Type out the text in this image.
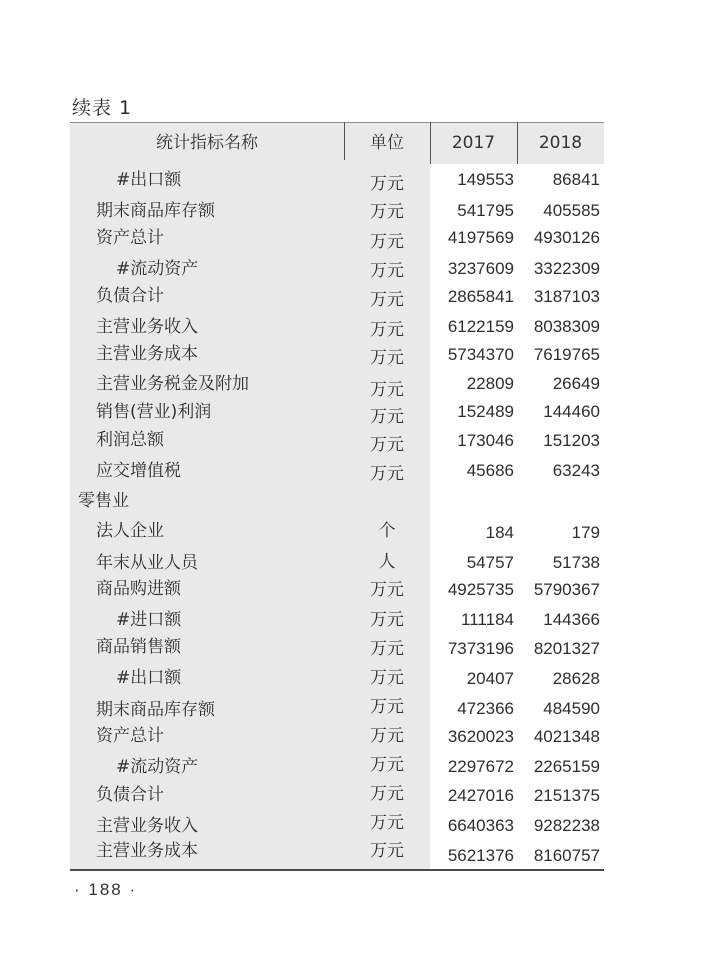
续表 1
统计指标名称	单位	2017	2018
#出口额	万元	149553	86841
期末商品库存额	万元	541795	405585
资产总计	万元	4197569	4930126
#流动资产	万元	3237609	3322309
负债合计	万元	2865841	3187103
主营业务收入	万元	6122159	8038309
主营业务成本	万元	5734370	7619765
主营业务税金及附加	万元	22809	26649
销售(营业)利润	万元	152489	144460
利润总额	万元	173046	151203
应交增值税	万元	45686	63243
零售业
法人企业	个	184	179
年末从业人员	人	54757	51738
商品购进额	万元	4925735	5790367
#进口额	万元	111184	144366
商品销售额	万元	7373196	8201327
#出口额	万元	20407	28628
期末商品库存额	万元	472366	484590
资产总计	万元	3620023	4021348
#流动资产	万元	2297672	2265159
负债合计	万元	2427016	2151375
主营业务收入	万元	6640363	9282238
主营业务成本	万元	5621376	8160757
· 188 ·
